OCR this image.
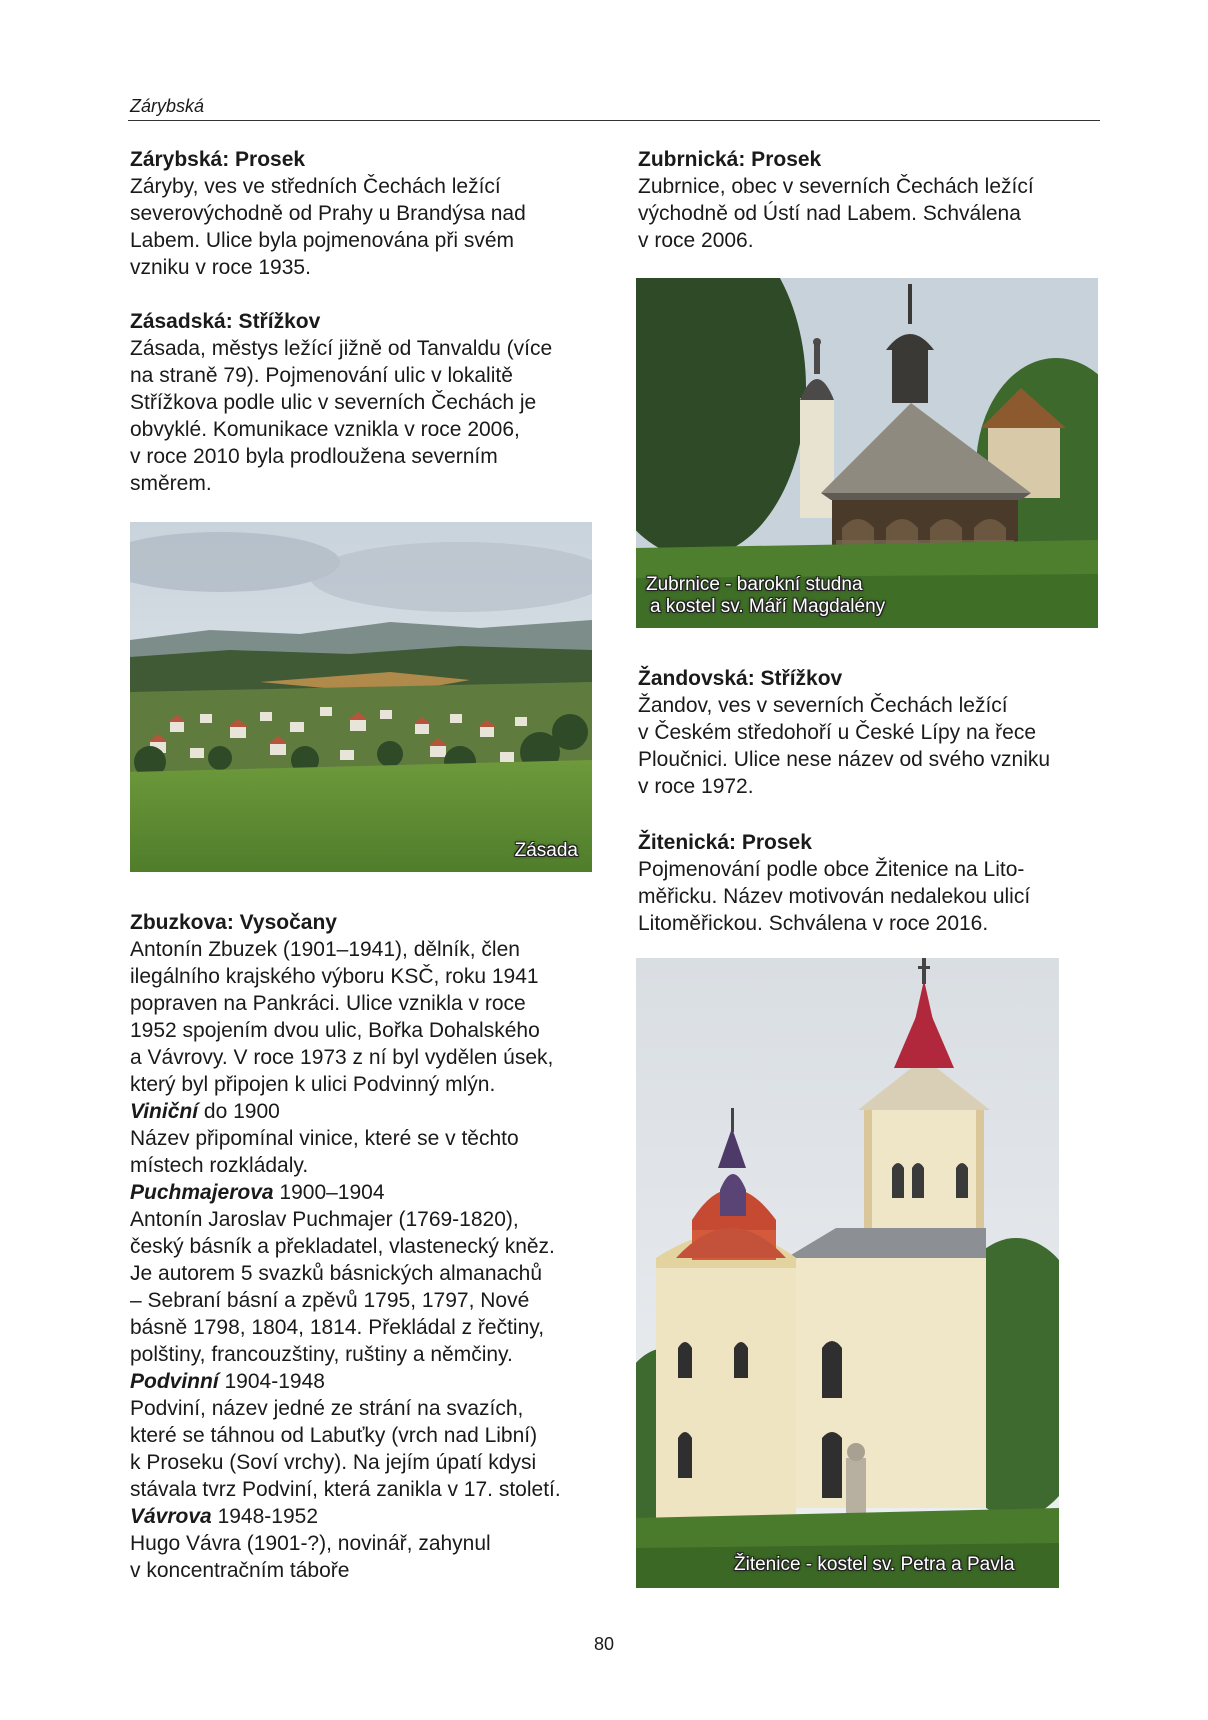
Zárybská
Zárybská: Prosek
Záryby, ves ve středních Čechách ležící
severovýchodně od Prahy u Brandýsa nad
Labem. Ulice byla pojmenována při svém
vzniku v roce 1935.
Zásadská: Střížkov
Zásada, městys ležící jižně od Tanvaldu (více
na straně 79). Pojmenování ulic v lokalitě
Střížkova podle ulic v severních Čechách je
obvyklé. Komunikace vznikla v roce 2006,
v roce 2010 byla prodloužena severním
směrem.
Zásada
Zbuzkova: Vysočany
Antonín Zbuzek (1901–1941), dělník, člen
ilegálního krajského výboru KSČ, roku 1941
popraven na Pankráci. Ulice vznikla v roce
1952 spojením dvou ulic, Bořka Dohalského
a Vávrovy. V roce 1973 z ní byl vydělen úsek,
který byl připojen k ulici Podvinný mlýn.
Viniční do 1900
Název připomínal vinice, které se v těchto
místech rozkládaly.
Puchmajerova 1900–1904
Antonín Jaroslav Puchmajer (1769-1820),
český básník a překladatel, vlastenecký kněz.
Je autorem 5 svazků básnických almanachů
– Sebraní básní a zpěvů 1795, 1797, Nové
básně 1798, 1804, 1814. Překládal z řečtiny,
polštiny, francouzštiny, ruštiny a němčiny.
Podvinní 1904-1948
Podviní, název jedné ze strání na svazích,
které se táhnou od Labuťky (vrch nad Libní)
k Proseku (Soví vrchy). Na jejím úpatí kdysi
stávala tvrz Podviní, která zanikla v 17. století.
Vávrova 1948-1952
Hugo Vávra (1901-?), novinář, zahynul
v koncentračním táboře
Zubrnická: Prosek
Zubrnice, obec v severních Čechách ležící
východně od Ústí nad Labem. Schválena
v roce 2006.
Zubrnice - barokní studna
a kostel sv. Máří Magdalény
Žandovská: Střížkov
Žandov, ves v severních Čechách ležící
v Českém středohoří u České Lípy na řece
Ploučnici. Ulice nese název od svého vzniku
v roce 1972.
Žitenická: Prosek
Pojmenování podle obce Žitenice na Lito-
měřicku. Název motivován nedalekou ulicí
Litoměřickou. Schválena v roce 2016.
Žitenice - kostel sv. Petra a Pavla
80
